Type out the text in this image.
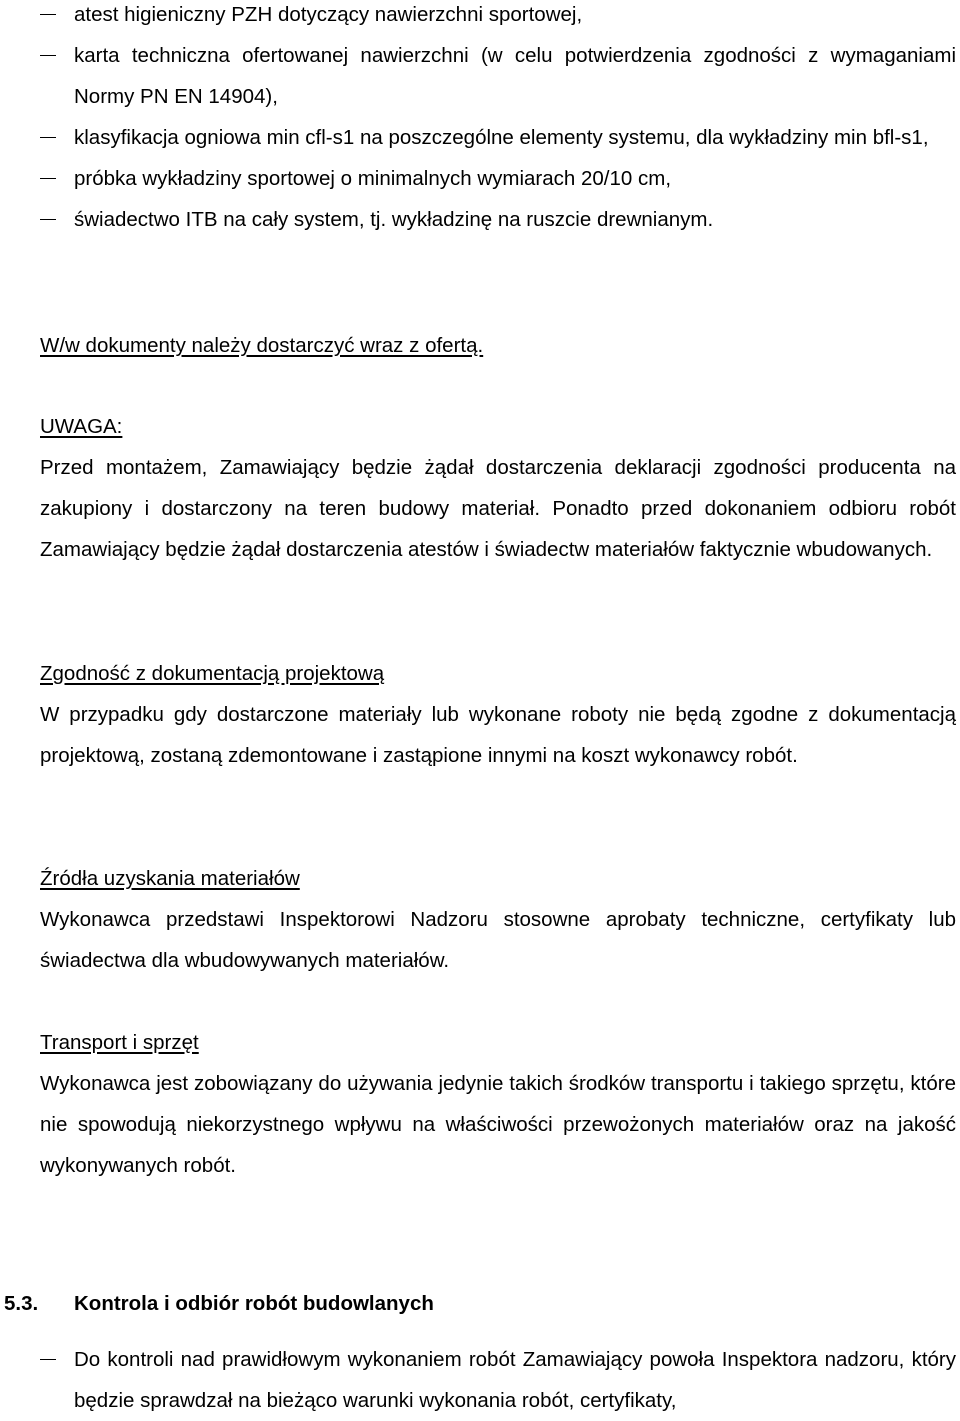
atest higieniczny PZH dotyczący nawierzchni sportowej,
karta techniczna ofertowanej nawierzchni (w celu potwierdzenia zgodności z wymaganiami Normy PN EN 14904),
klasyfikacja ogniowa min cfl-s1 na poszczególne elementy systemu, dla wykładziny min bfl-s1,
próbka wykładziny sportowej o minimalnych wymiarach 20/10 cm,
świadectwo ITB na cały system, tj. wykładzinę na ruszcie drewnianym.
W/w dokumenty należy dostarczyć wraz z ofertą.
UWAGA:
Przed montażem, Zamawiający będzie żądał dostarczenia deklaracji zgodności producenta na zakupiony i dostarczony na teren budowy materiał. Ponadto przed dokonaniem odbioru robót Zamawiający będzie żądał dostarczenia atestów i świadectw materiałów faktycznie wbudowanych.
Zgodność z dokumentacją projektową
W przypadku gdy dostarczone materiały lub wykonane roboty nie będą zgodne z dokumentacją projektową, zostaną zdemontowane i zastąpione innymi na koszt wykonawcy robót.
Źródła uzyskania materiałów
Wykonawca przedstawi Inspektorowi Nadzoru stosowne aprobaty techniczne, certyfikaty lub świadectwa dla wbudowywanych materiałów.
Transport i sprzęt
Wykonawca jest zobowiązany do używania jedynie takich środków transportu i takiego sprzętu, które nie spowodują niekorzystnego wpływu na właściwości przewożonych materiałów oraz na jakość wykonywanych robót.
5.3. Kontrola i odbiór robót budowlanych
Do kontroli nad prawidłowym wykonaniem robót Zamawiający powoła Inspektora nadzoru, który będzie sprawdzał na bieżąco warunki wykonania robót, certyfikaty,
